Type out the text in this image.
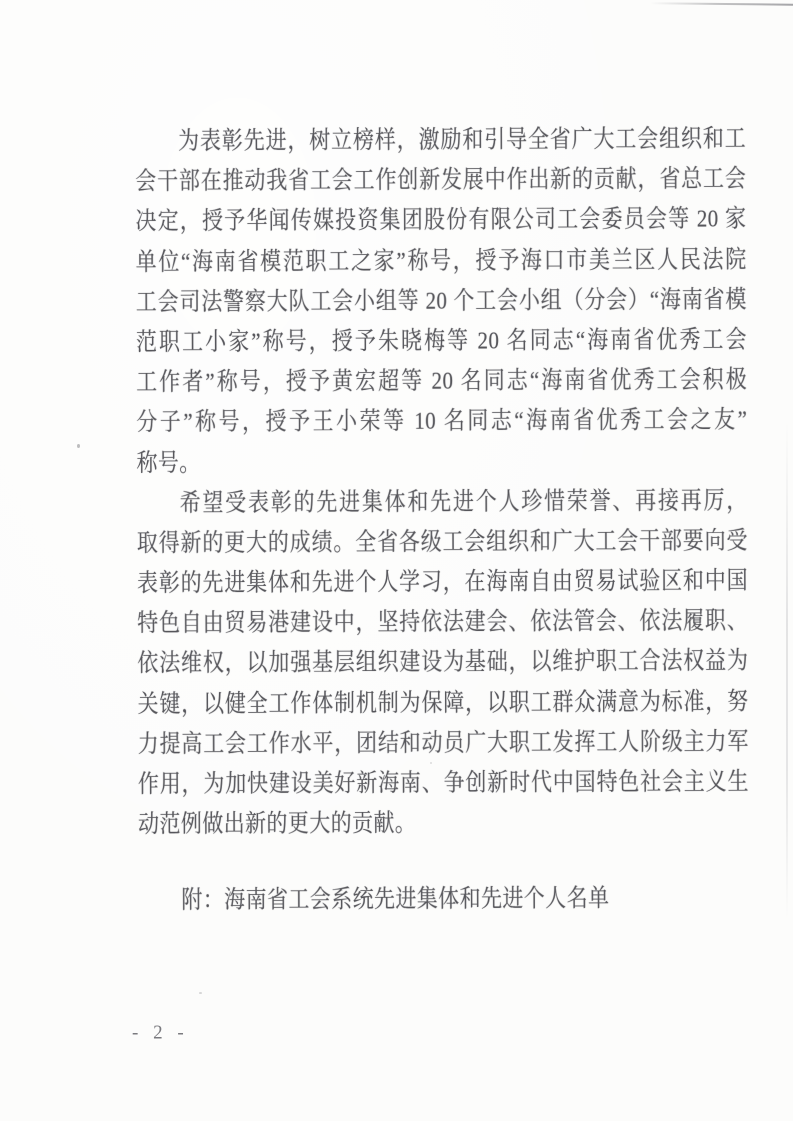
为表彰先进，树立榜样，激励和引导全省广大工会组织和工
会干部在推动我省工会工作创新发展中作出新的贡献，省总工会
决定，授予华闻传媒投资集团股份有限公司工会委员会等 20 家
单位“海南省模范职工之家”称号，授予海口市美兰区人民法院
工会司法警察大队工会小组等 20 个工会小组（分会）“海南省模
范职工小家”称号，授予朱晓梅等 20 名同志“海南省优秀工会
工作者”称号，授予黄宏超等 20 名同志“海南省优秀工会积极
分子”称号，授予王小荣等 10 名同志“海南省优秀工会之友”
称号。
希望受表彰的先进集体和先进个人珍惜荣誉、再接再厉，
取得新的更大的成绩。全省各级工会组织和广大工会干部要向受
表彰的先进集体和先进个人学习，在海南自由贸易试验区和中国
特色自由贸易港建设中，坚持依法建会、依法管会、依法履职、
依法维权，以加强基层组织建设为基础，以维护职工合法权益为
关键，以健全工作体制机制为保障，以职工群众满意为标准，努
力提高工会工作水平，团结和动员广大职工发挥工人阶级主力军
作用，为加快建设美好新海南、争创新时代中国特色社会主义生
动范例做出新的更大的贡献。
附：海南省工会系统先进集体和先进个人名单
- 2 -
